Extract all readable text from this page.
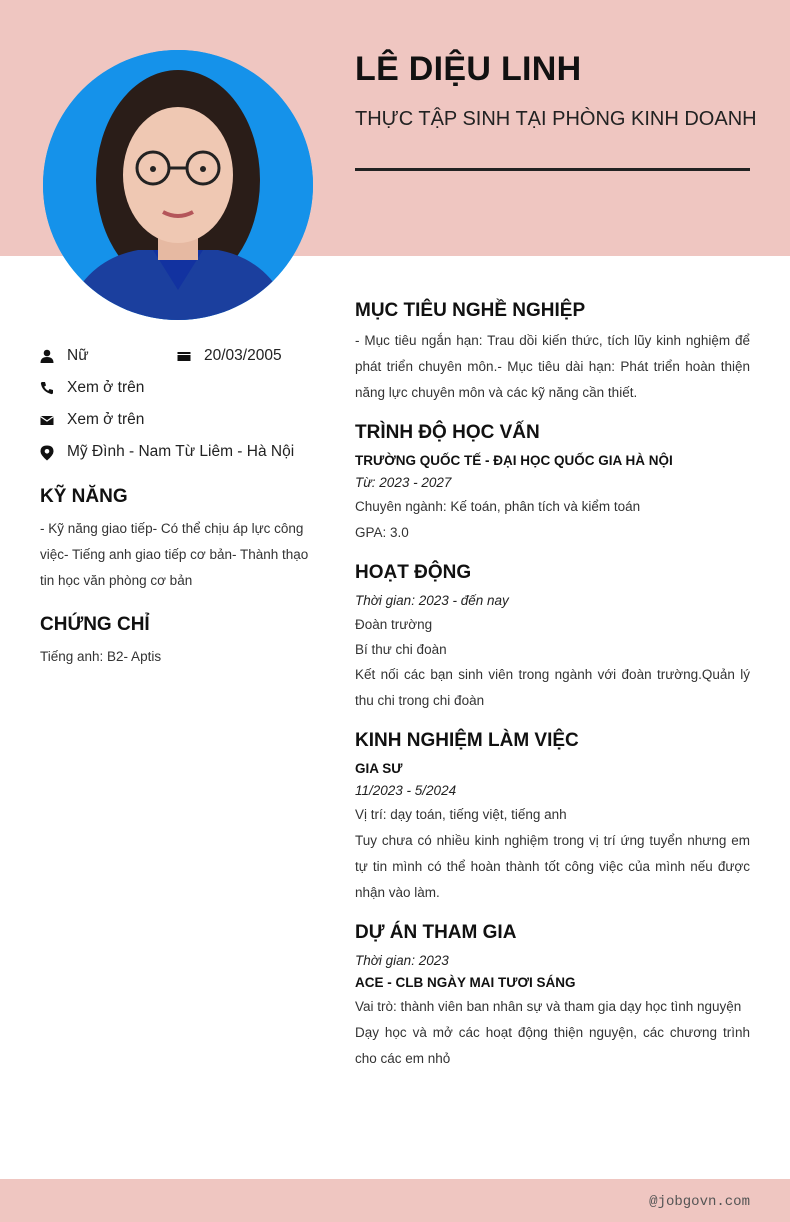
LÊ DIỆU LINH
THỰC TẬP SINH TẠI PHÒNG KINH DOANH
Nữ	20/03/2005
Xem ở trên
Xem ở trên
Mỹ Đình - Nam Từ Liêm - Hà Nội
KỸ NĂNG
- Kỹ năng giao tiếp- Có thể chịu áp lực công việc- Tiếng anh giao tiếp cơ bản- Thành thạo tin học văn phòng cơ bản
CHỨNG CHỈ
Tiếng anh: B2- Aptis
MỤC TIÊU NGHỀ NGHIỆP
- Mục tiêu ngắn hạn: Trau dồi kiến thức, tích lũy kinh nghiệm để phát triển chuyên môn.- Mục tiêu dài hạn: Phát triển hoàn thiện năng lực chuyên môn và các kỹ năng cần thiết.
TRÌNH ĐỘ HỌC VẤN
TRƯỜNG QUỐC TẾ - ĐẠI HỌC QUỐC GIA HÀ NỘI
Từ: 2023 - 2027
Chuyên ngành: Kế toán, phân tích và kiểm toán
GPA: 3.0
HOẠT ĐỘNG
Thời gian: 2023 - đến nay
Đoàn trường
Bí thư chi đoàn
Kết nối các bạn sinh viên trong ngành với đoàn trường.Quản lý thu chi trong chi đoàn
KINH NGHIỆM LÀM VIỆC
GIA SƯ
11/2023 - 5/2024
Vị trí: dạy toán, tiếng việt, tiếng anh
Tuy chưa có nhiều kinh nghiệm trong vị trí ứng tuyển nhưng em tự tin mình có thể hoàn thành tốt công việc của mình nếu được nhận vào làm.
DỰ ÁN THAM GIA
Thời gian: 2023
ACE - CLB NGÀY MAI TƯƠI SÁNG
Vai trò: thành viên ban nhân sự và tham gia dạy học tình nguyện
Dạy học và mở các hoạt động thiện nguyện, các chương trình cho các em nhỏ
@jobgovn.com
